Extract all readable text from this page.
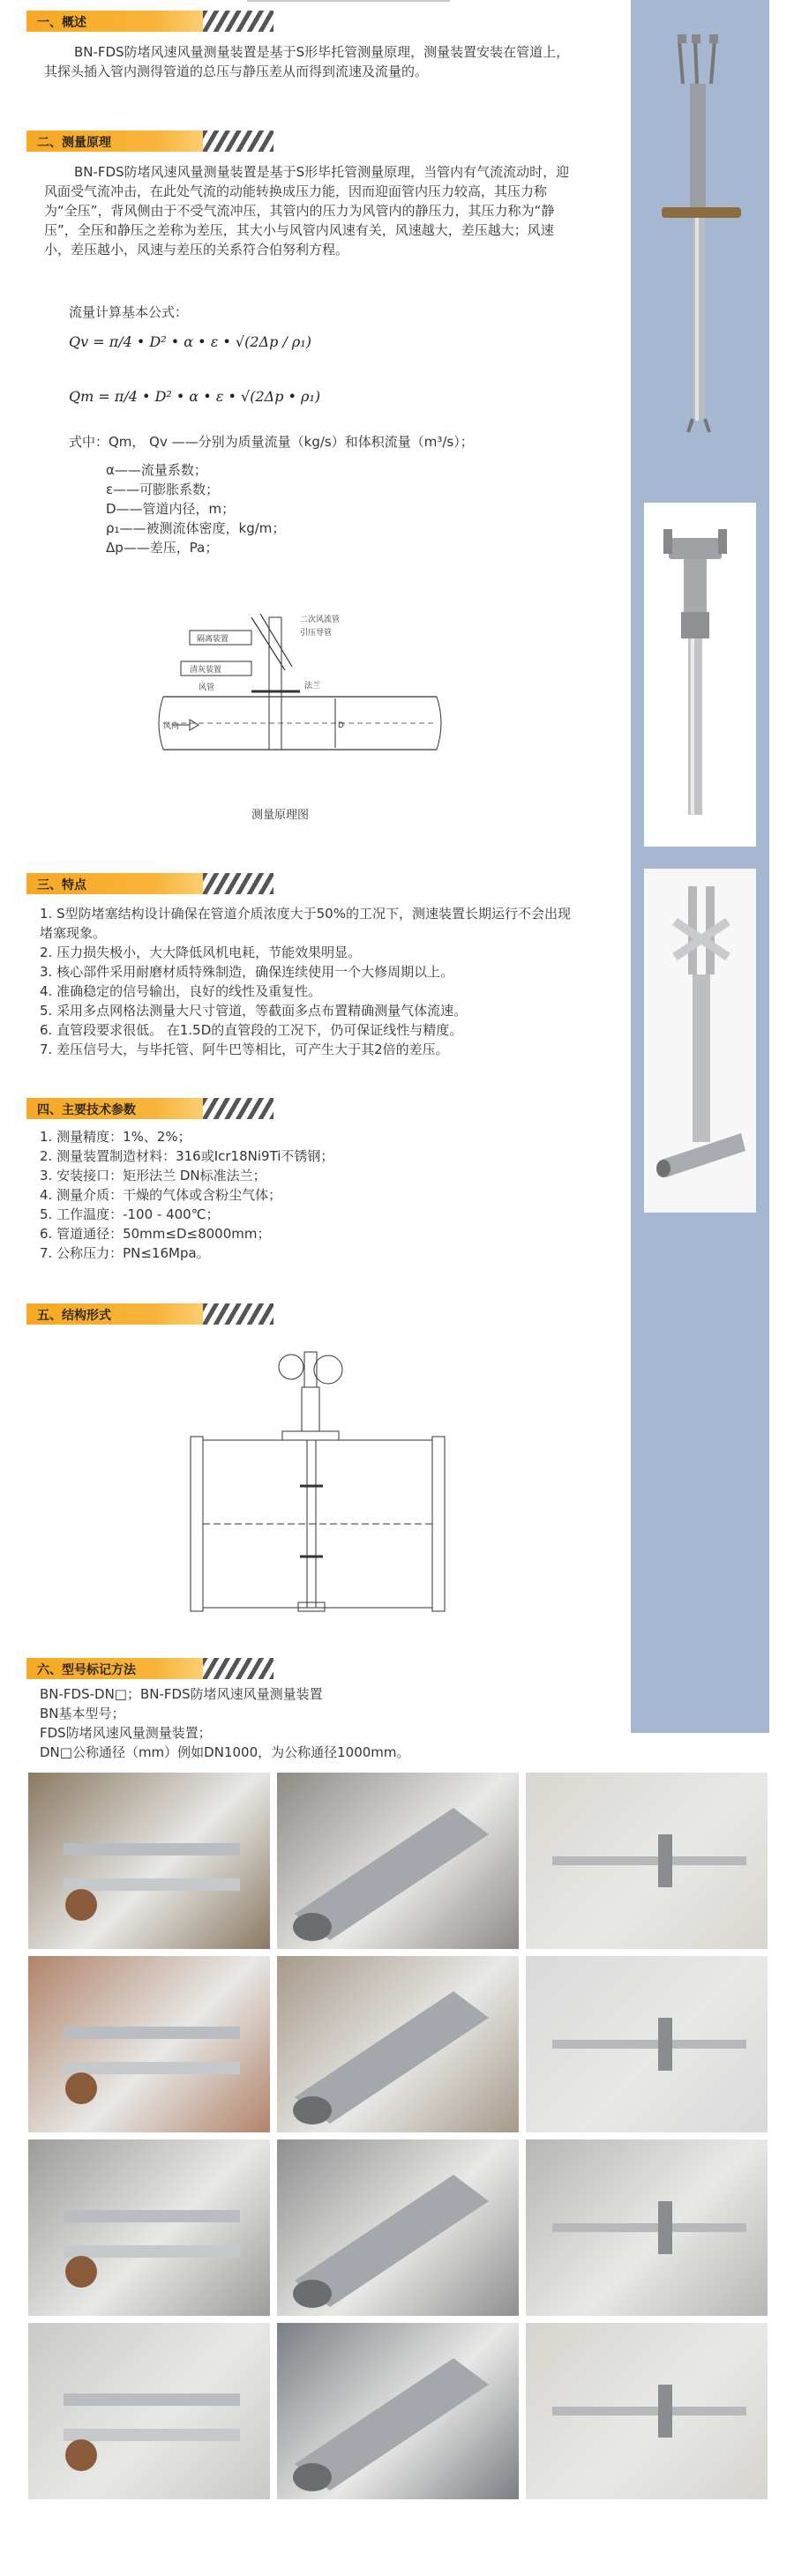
一、概述
BN-FDS防堵风速风量测量装置是基于S形毕托管测量原理，测量装置安装在管道上，其探头插入管内测得管道的总压与静压差从而得到流速及流量的。
二、测量原理
BN-FDS防堵风速风量测量装置是基于S形毕托管测量原理，当管内有气流流动时，迎风面受气流冲击，在此处气流的动能转换成压力能，因而迎面管内压力较高，其压力称为“全压”，背风侧由于不受气流冲压，其管内的压力为风管内的静压力，其压力称为“静压”，全压和静压之差称为差压，其大小与风管内风速有关，风速越大，差压越大；风速小，差压越小，风速与差压的关系符合伯努利方程。
流量计算基本公式：
Qv = π/4 • D² • α • ε • √(2Δp / ρ₁)
Qm = π/4 • D² • α • ε • √(2Δp • ρ₁)
式中：Qm， Qv ——分别为质量流量（kg/s）和体积流量（m³/s）；
α——流量系数；
ε——可膨胀系数；
D——管道内径，m；
ρ₁——被测流体密度，kg/m；
Δp——差压，Pa；
风向	D
二次风流管
引压导管
隔离装置
清灰装置
风管	法兰
测量原理图
三、特点
1. S型防堵塞结构设计确保在管道介质浓度大于50%的工况下，测速装置长期运行不会出现堵塞现象。
2. 压力损失极小，大大降低风机电耗，节能效果明显。
3. 核心部件采用耐磨材质特殊制造，确保连续使用一个大修周期以上。
4. 准确稳定的信号输出，良好的线性及重复性。
5. 采用多点网格法测量大尺寸管道，等截面多点布置精确测量气体流速。
6. 直管段要求很低。 在1.5D的直管段的工况下，仍可保证线性与精度。
7. 差压信号大，与毕托管、阿牛巴等相比，可产生大于其2倍的差压。
四、主要技术参数
1. 测量精度：1%、2%；
2. 测量装置制造材料：316或Icr18Ni9Ti不锈钢；
3. 安装接口：矩形法兰 DN标准法兰；
4. 测量介质：干燥的气体或含粉尘气体；
5. 工作温度：-100 - 400℃；
6. 管道通径：50mm≤D≤8000mm；
7. 公称压力：PN≤16Mpa。
五、结构形式
六、型号标记方法
BN-FDS-DN□；BN-FDS防堵风速风量测量装置
BN基本型号；
FDS防堵风速风量测量装置；
DN□公称通径（mm）例如DN1000，为公称通径1000mm。
